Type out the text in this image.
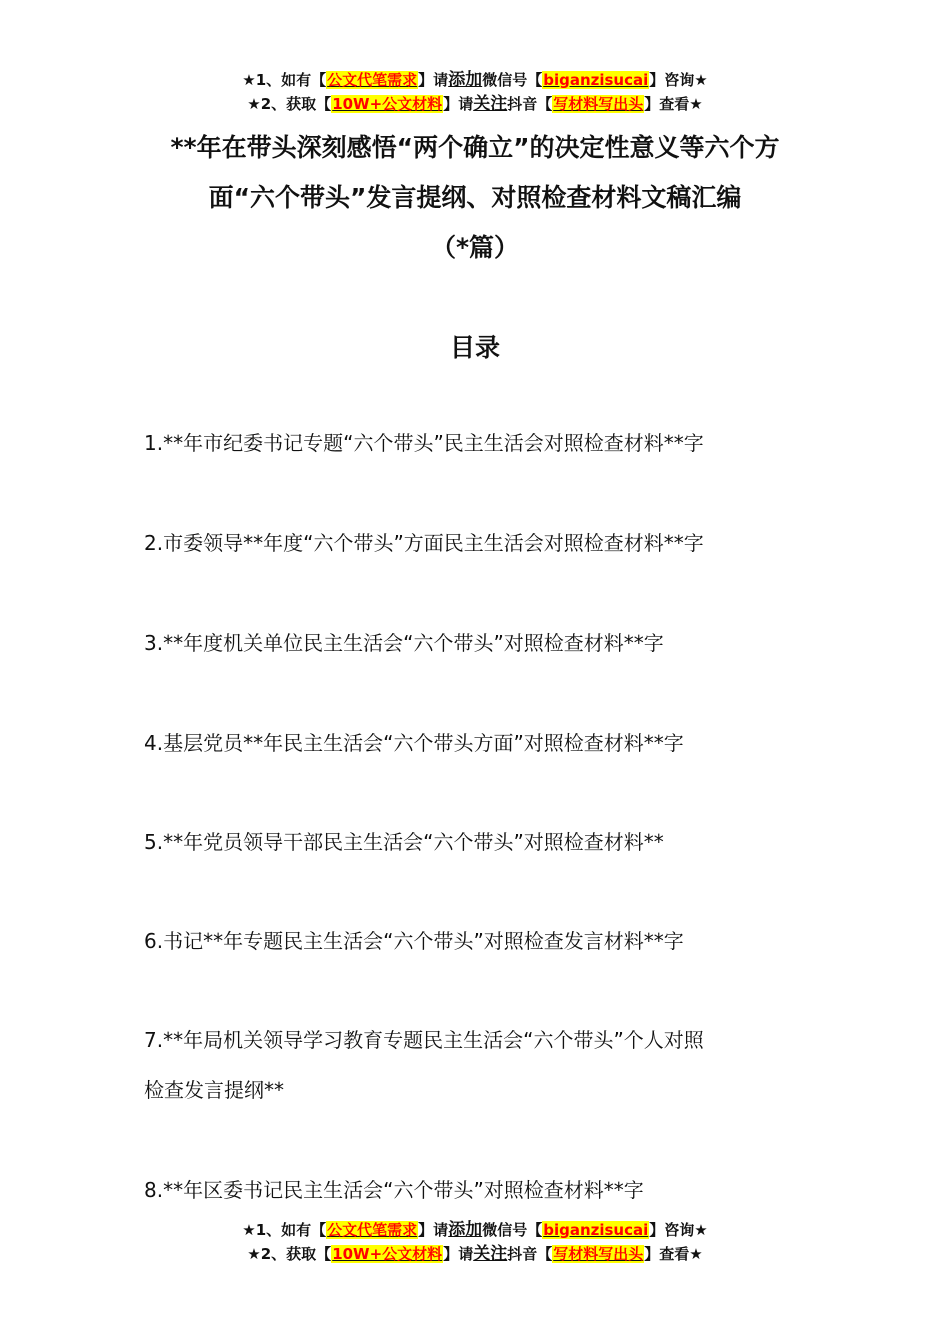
★1、如有【公文代笔需求】请添加微信号【biganzisucai】咨询★
★2、获取【10W+公文材料】请关注抖音【写材料写出头】查看★
**年在带头深刻感悟“两个确立”的决定性意义等六个方
面“六个带头”发言提纲、对照检查材料文稿汇编
（*篇）
目录
1.**年市纪委书记专题“六个带头”民主生活会对照检查材料**字
2.市委领导**年度“六个带头”方面民主生活会对照检查材料**字
3.**年度机关单位民主生活会“六个带头”对照检查材料**字
4.基层党员**年民主生活会“六个带头方面”对照检查材料**字
5.**年党员领导干部民主生活会“六个带头”对照检查材料**
6.书记**年专题民主生活会“六个带头”对照检查发言材料**字
7.**年局机关领导学习教育专题民主生活会“六个带头”个人对照
检查发言提纲**
8.**年区委书记民主生活会“六个带头”对照检查材料**字
★1、如有【公文代笔需求】请添加微信号【biganzisucai】咨询★
★2、获取【10W+公文材料】请关注抖音【写材料写出头】查看★
